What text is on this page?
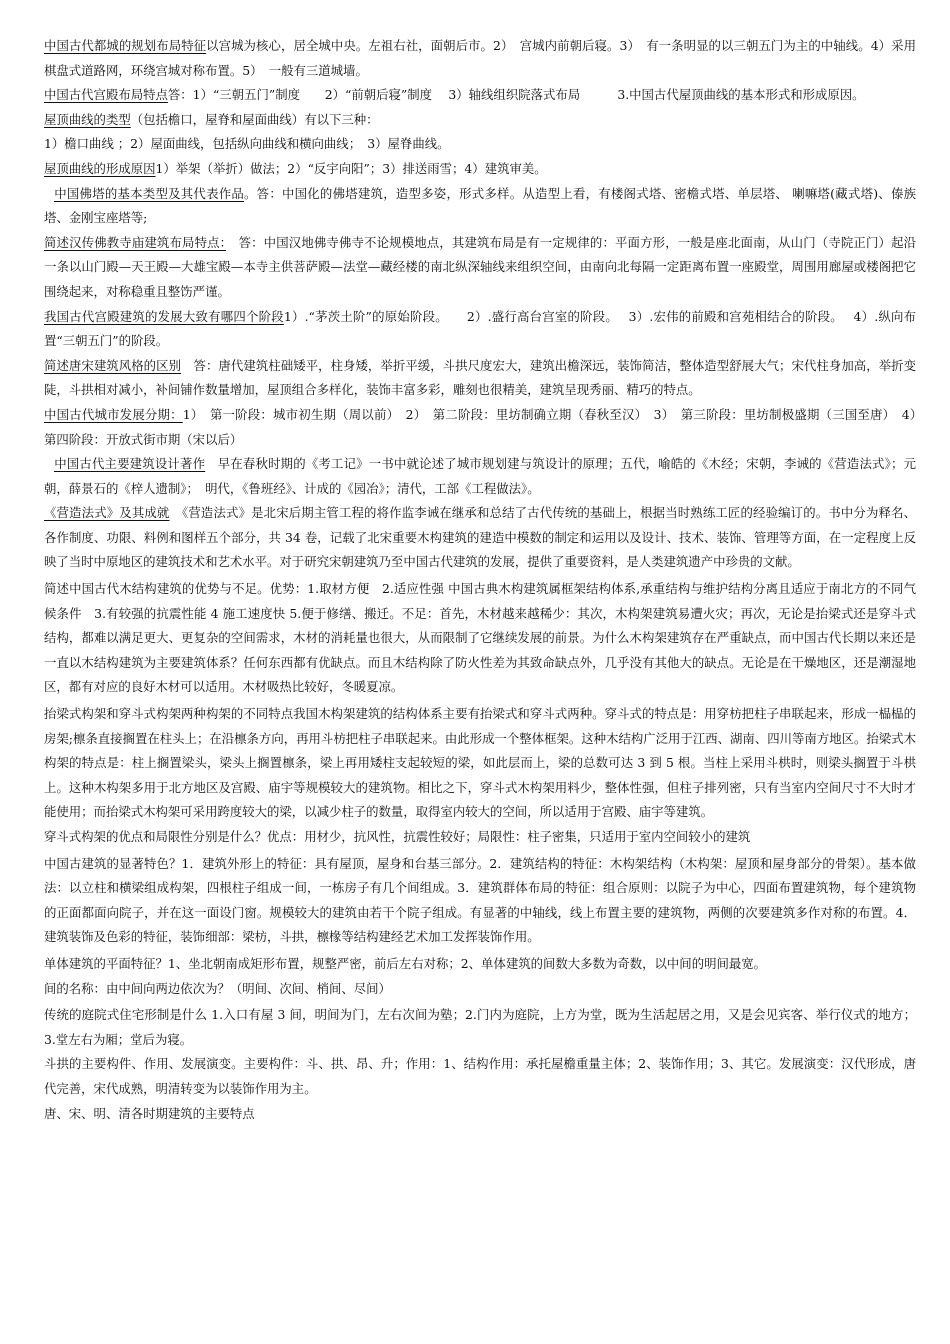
中国古代都城的规划布局特征以宫城为核心，居全城中央。左祖右社，面朝后市。2）　宫城内前朝后寝。3）　有一条明显的以三朝五门为主的中轴线。4）采用棋盘式道路网，环绕宫城对称布置。5）　一般有三道城墙。

中国古代宫殿布局特点答：1）“三朝五门”制度　　2）“前朝后寝”制度　 3）轴线组织院落式布局　　　3.中国古代屋顶曲线的基本形式和形成原因。

屋顶曲线的类型（包括檐口，屋脊和屋面曲线）有以下三种：

1）檐口曲线 ；2）屋面曲线，包括纵向曲线和横向曲线；　3）屋脊曲线。

屋顶曲线的形成原因1）举架（举折）做法；2）“反宇向阳”；3）排送雨雪；4）建筑审美。

中国佛塔的基本类型及其代表作品。答：中国化的佛塔建筑，造型多姿，形式多样。从造型上看，有楼阁式塔、密檐式塔、单层塔、 喇嘛塔(藏式塔)、傣族塔、金刚宝座塔等;

简述汉传佛教寺庙建筑布局特点：　答：中国汉地佛寺佛寺不论规模地点，其建筑布局是有一定规律的：平面方形，一般是座北面南，从山门（寺院正门）起沿一条以山门殿—天王殿—大雄宝殿—本寺主供菩萨殿—法堂—藏经楼的南北纵深轴线来组织空间，由南向北每隔一定距离布置一座殿堂，周围用廊屋或楼阁把它围绕起来，对称稳重且整饬严谨。

我国古代宫殿建筑的发展大致有哪四个阶段1）.“茅茨土阶”的原始阶段。　　2）.盛行高台宫室的阶段。　 3）.宏伟的前殿和宫苑相结合的阶段。　 4）.纵向布置“三朝五门”的阶段。

简述唐宋建筑风格的区别　答：唐代建筑柱础矮平，柱身矮，举折平缓，斗拱尺度宏大，建筑出檐深远，装饰简洁，整体造型舒展大气；宋代柱身加高，举折变陡，斗拱相对减小，补间铺作数量增加，屋顶组合多样化，装饰丰富多彩，雕刻也很精美，建筑呈现秀丽、精巧的特点。

中国古代城市发展分期：1）　第一阶段：城市初生期（周以前）　2）　第二阶段：里坊制确立期（春秋至汉）　3）　第三阶段：里坊制极盛期（三国至唐）　4）　第四阶段：开放式街市期（宋以后）

中国古代主要建筑设计著作　早在春秋时期的《考工记》一书中就论述了城市规划建与筑设计的原理；五代，喻皓的《木经；宋朝，李诫的《营造法式》；元朝，薛景石的《梓人遗制》；　明代，《鲁班经》、计成的《园冶》；清代，工部《工程做法》。

《营造法式》及其成就　《营造法式》是北宋后期主管工程的将作监李诫在继承和总结了古代传统的基础上，根据当时熟练工匠的经验编订的。书中分为释名、各作制度、功限、料例和图样五个部分，共 34 卷，记载了北宋重要木构建筑的建造中模数的制定和运用以及设计、技术、装饰、管理等方面，在一定程度上反映了当时中原地区的建筑技术和艺术水平。对于研究宋朝建筑乃至中国古代建筑的发展，提供了重要资料，是人类建筑遗产中珍贵的文献。

简述中国古代木结构建筑的优势与不足。优势：1.取材方便　2.适应性强 中国古典木构建筑属框架结构体系,承重结构与维护结构分离且适应于南北方的不同气候条件　3.有较强的抗震性能 4 施工速度快 5.便于修缮、搬迁。不足：首先，木材越来越稀少：其次，木构架建筑易遭火灾；再次，无论是抬梁式还是穿斗式结构，都难以满足更大、更复杂的空间需求，木材的消耗量也很大，从而限制了它继续发展的前景。为什么木构架建筑存在严重缺点，而中国古代长期以来还是一直以木结构建筑为主要建筑体系？任何东西都有优缺点。而且木结构除了防火性差为其致命缺点外，几乎没有其他大的缺点。无论是在干燥地区，还是潮湿地区，都有对应的良好木材可以适用。木材吸热比较好，冬暖夏凉。

抬梁式构架和穿斗式构架两种构架的不同特点我国木构架建筑的结构体系主要有抬梁式和穿斗式两种。穿斗式的特点是：用穿枋把柱子串联起来，形成一榀榀的房架;檩条直接搁置在柱头上；在沿檩条方向，再用斗枋把柱子串联起来。由此形成一个整体框架。这种木结构广泛用于江西、湖南、四川等南方地区。抬梁式木构架的特点是：柱上搁置梁头，梁头上搁置檩条，梁上再用矮柱支起较短的梁，如此层而上，梁的总数可达 3 到 5 根。当柱上采用斗栱时，则梁头搁置于斗栱上。这种木构架多用于北方地区及宫殿、庙宇等规模较大的建筑物。相比之下，穿斗式木构架用料少，整体性强，但柱子排列密，只有当室内空间尺寸不大时才能使用；而抬梁式木构架可采用跨度较大的梁，以减少柱子的数量，取得室内较大的空间，所以适用于宫殿、庙宇等建筑。

穿斗式构架的优点和局限性分别是什么？优点：用材少，抗风性，抗震性较好；局限性：柱子密集，只适用于室内空间较小的建筑

中国古建筑的显著特色？1．建筑外形上的特征：具有屋顶，屋身和台基三部分。2．建筑结构的特征：木构架结构（木构架：屋顶和屋身部分的骨架）。基本做法：以立柱和横梁组成构架，四根柱子组成一间，一栋房子有几个间组成。3．建筑群体布局的特征：组合原则：以院子为中心，四面布置建筑物，每个建筑物的正面都面向院子，并在这一面设门窗。规模较大的建筑由若干个院子组成。有显著的中轴线，线上布置主要的建筑物，两侧的次要建筑多作对称的布置。4．建筑装饰及色彩的特征，装饰细部：梁枋，斗拱，檩椽等结构建经艺术加工发挥装饰作用。

单体建筑的平面特征？1、坐北朝南成矩形布置，规整严密，前后左右对称；2、单体建筑的间数大多数为奇数，以中间的明间最宽。

间的名称：由中间向两边依次为？（明间、次间、梢间、尽间）

传统的庭院式住宅形制是什么 1.入口有屋 3 间，明间为门，左右次间为塾；2.门内为庭院，上方为堂，既为生活起居之用，又是会见宾客、举行仪式的地方；3.堂左右为厢；堂后为寝。

斗拱的主要构件、作用、发展演变。主要构件：斗、拱、昂、升；作用：1、结构作用：承托屋檐重量主体；2、装饰作用；3、其它。发展演变：汉代形成，唐代完善，宋代成熟，明清转变为以装饰作用为主。

唐、宋、明、清各时期建筑的主要特点
